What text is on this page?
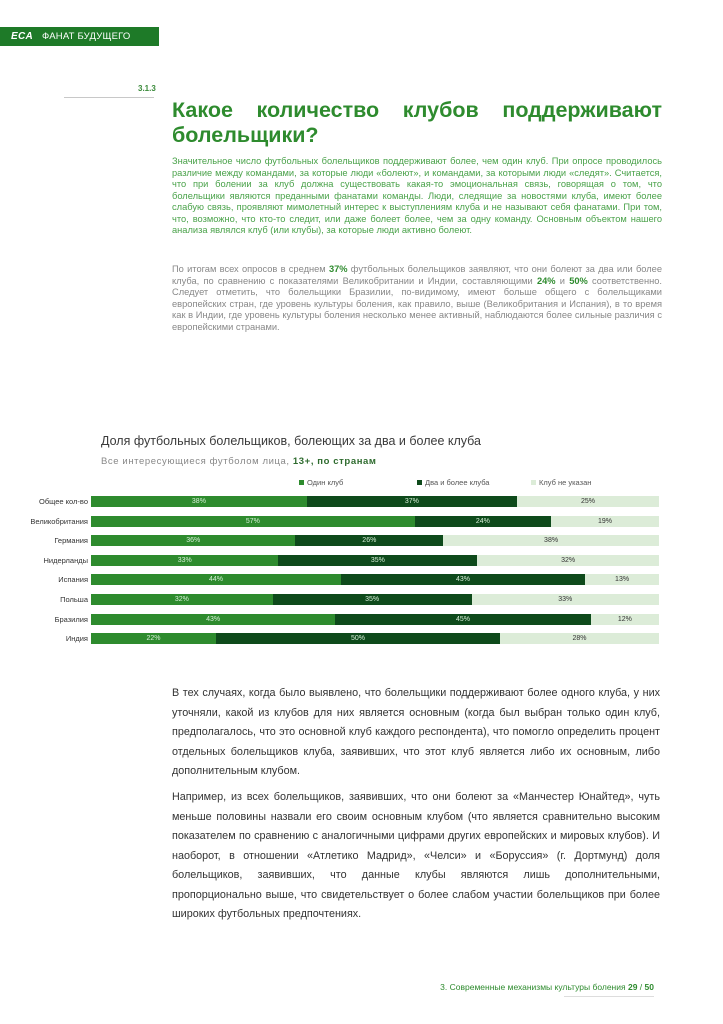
ECA ФАНАТ БУДУЩЕГО
3.1.3
Какое количество клубов поддерживают болельщики?
Значительное число футбольных болельщиков поддерживают более, чем один клуб. При опросе проводилось различие между командами, за которые люди «болеют», и командами, за которыми люди «следят». Считается, что при болении за клуб должна существовать какая-то эмоциональная связь, говорящая о том, что болельщики являются преданными фанатами команды. Люди, следящие за новостями клуба, имеют более слабую связь, проявляют мимолетный интерес к выступлениям клуба и не называют себя фанатами. При том, что, возможно, что кто-то следит, или даже болеет более, чем за одну команду. Основным объектом нашего анализа являлся клуб (или клубы), за которые люди активно болеют.
По итогам всех опросов в среднем 37% футбольных болельщиков заявляют, что они болеют за два или более клуба, по сравнению с показателями Великобритании и Индии, составляющими 24% и 50% соответственно. Следует отметить, что болельщики Бразилии, по-видимому, имеют больше общего с болельщиками европейских стран, где уровень культуры боления, как правило, выше (Великобритания и Испания), в то время как в Индии, где уровень культуры боления несколько менее активный, наблюдаются более сильные различия с европейскими странами.
Доля футбольных болельщиков, болеющих за два и более клуба
Все интересующиеся футболом лица, 13+, по странам
Один клуб	Два и более клуба	Клуб не указан
Общее кол-во	38%	37%	25%
Великобритания	57%	24%	19%
Германия	36%	26%	38%
Нидерланды	33%	35%	32%
Испания	44%	43%	13%
Польша	32%	35%	33%
Бразилия	43%	45%	12%
Индия	22%	50%	28%
В тех случаях, когда было выявлено, что болельщики поддерживают более одного клуба, у них уточняли, какой из клубов для них является основным (когда был выбран только один клуб, предполагалось, что это основной клуб каждого респондента), что помогло определить процент отдельных болельщиков клуба, заявивших, что этот клуб является либо их основным, либо дополнительным клубом.
Например, из всех болельщиков, заявивших, что они болеют за «Манчестер Юнайтед», чуть меньше половины назвали его своим основным клубом (что является сравнительно высоким показателем по сравнению с аналогичными цифрами других европейских и мировых клубов). И наоборот, в отношении «Атлетико Мадрид», «Челси» и «Боруссия» (г. Дортмунд) доля болельщиков, заявивших, что данные клубы являются лишь дополнительными, пропорционально выше, что свидетельствует о более слабом участии болельщиков при более широких футбольных предпочтениях.
3. Современные механизмы культуры боления 29 / 50
